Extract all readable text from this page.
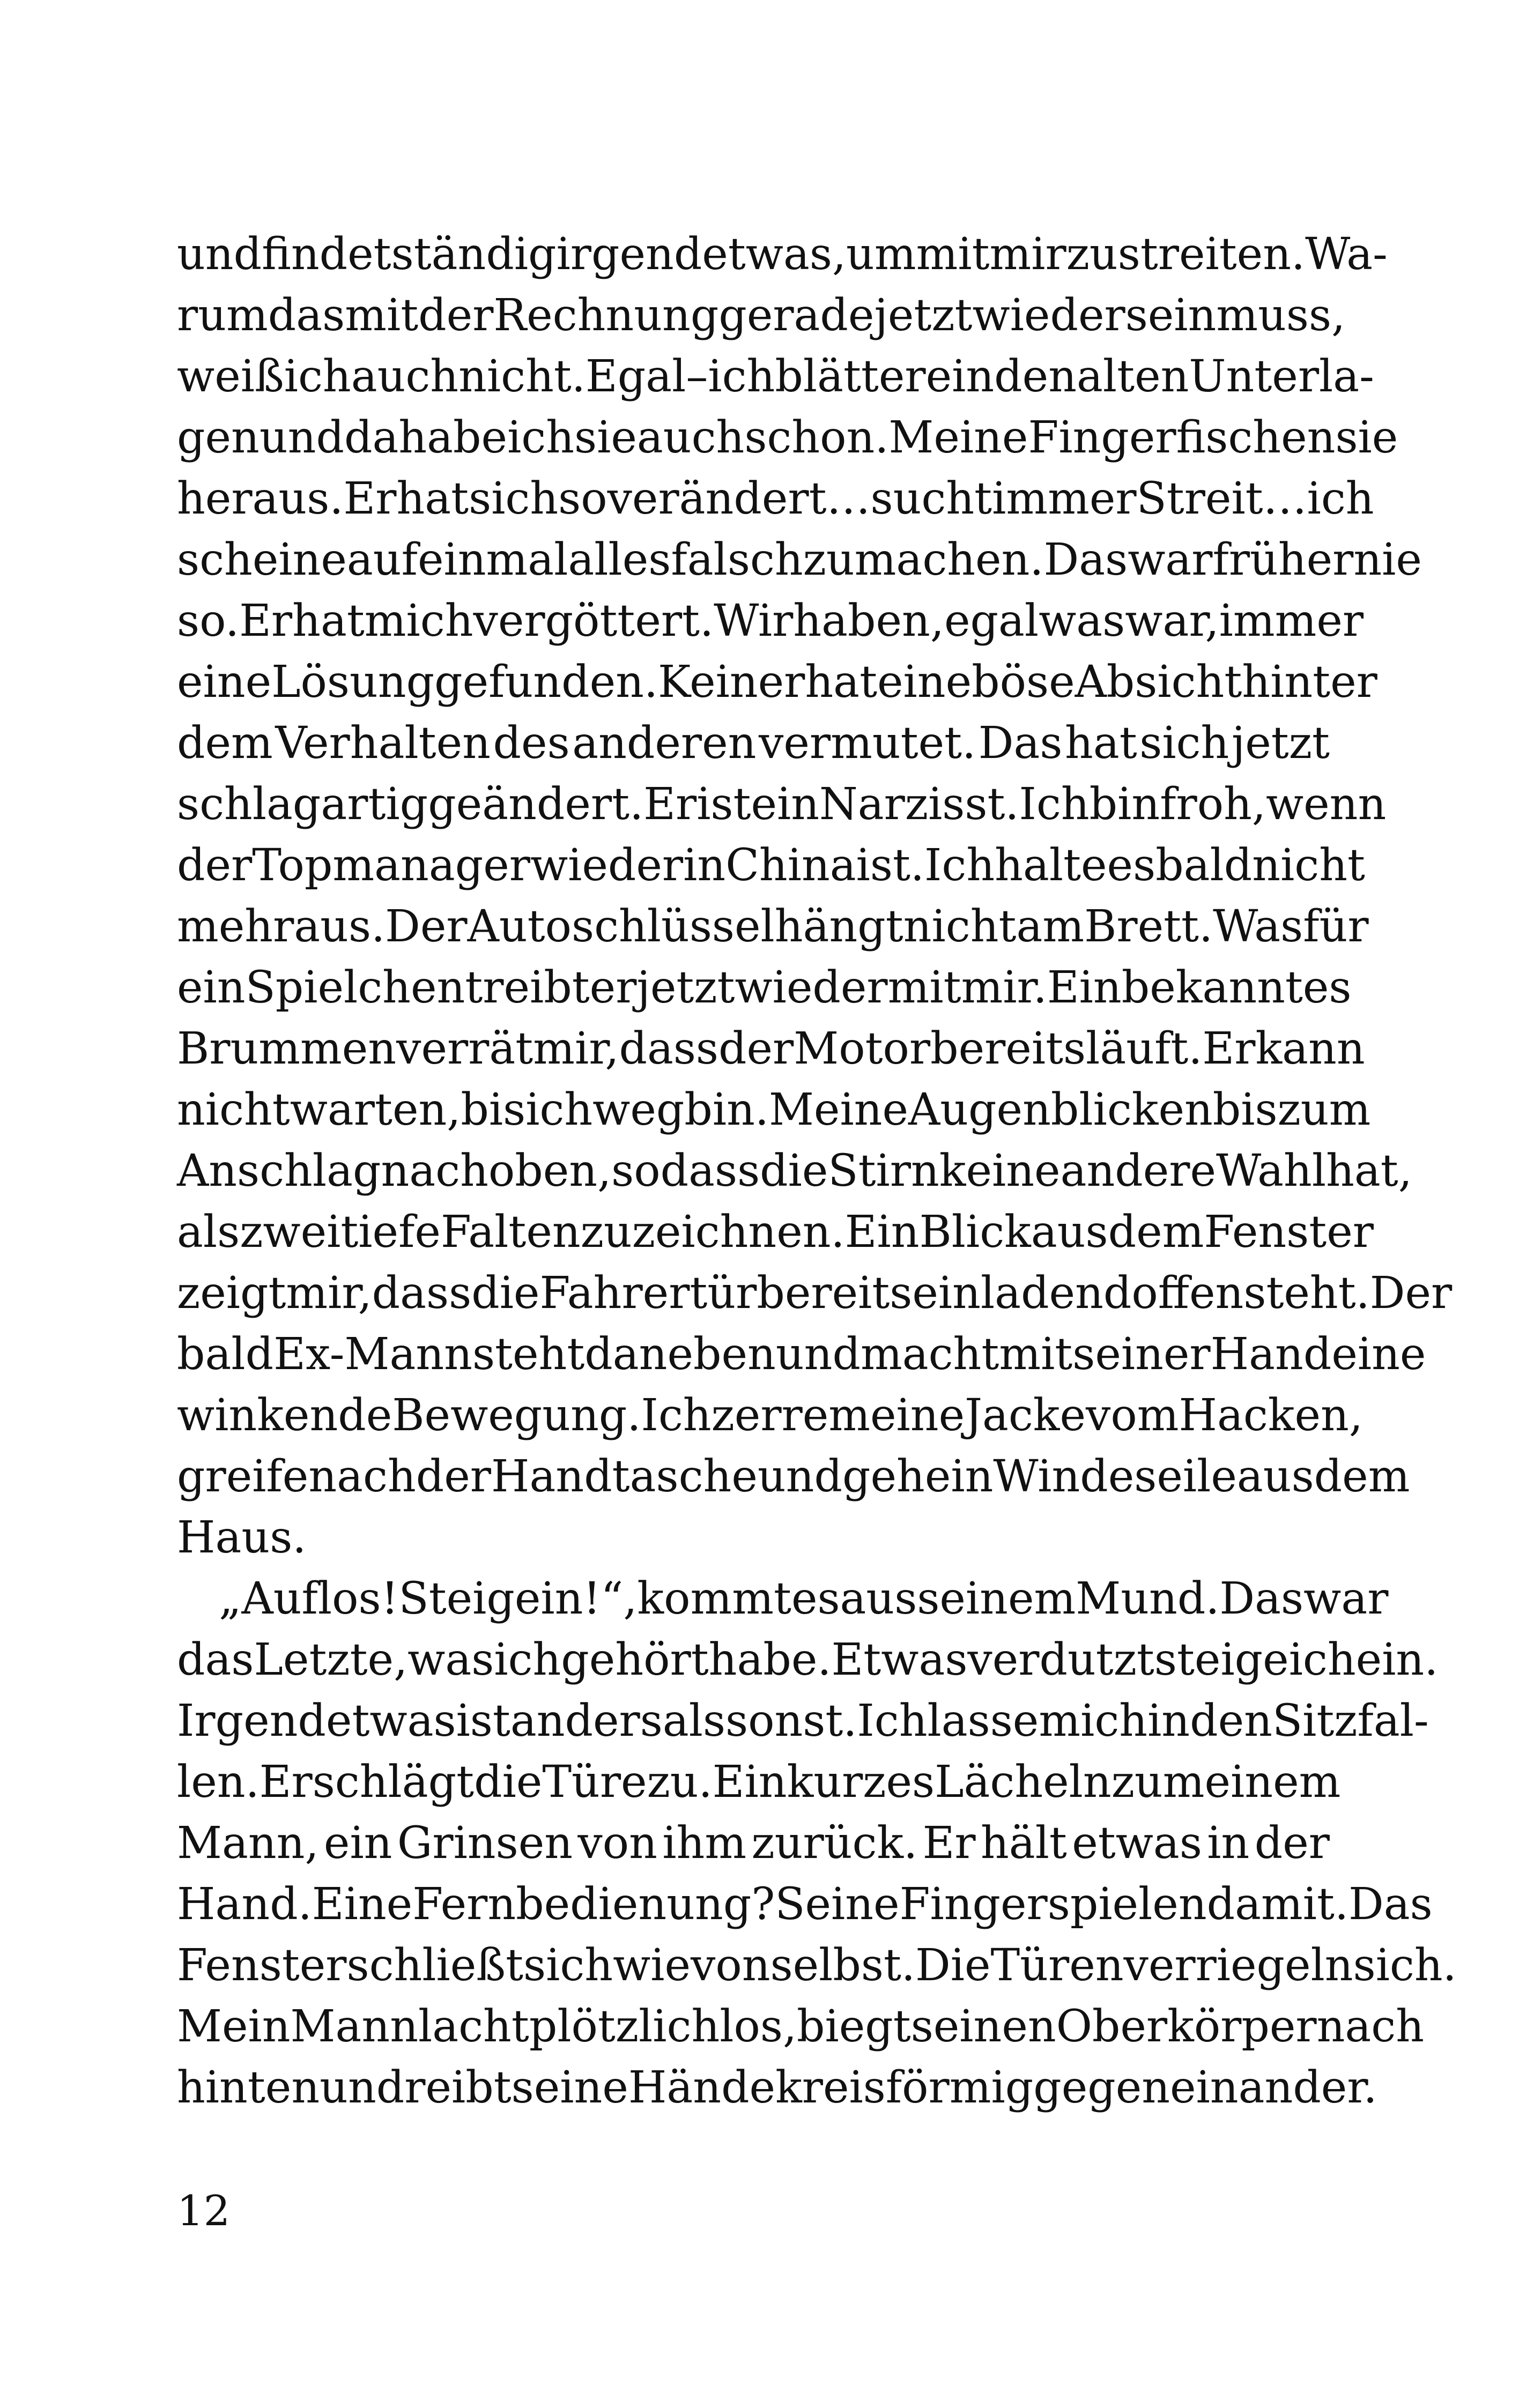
und findet ständig irgendetwas, um mit mir zu streiten. Wa-
rum das mit der Rechnung gerade jetzt wieder sein muss,
weiß ich auch nicht. Egal – ich blättere in den alten Unterla-
gen und da habe ich sie auch schon. Meine Finger fischen sie
heraus. Er hat sich so verändert … sucht immer Streit … ich
scheine auf einmal alles falsch zu machen. Das war früher nie
so. Er hat mich vergöttert. Wir haben, egal was war, immer
eine Lösung gefunden. Keiner hat eine böse Absicht hinter
dem Verhalten des anderen vermutet. Das hat sich jetzt
schlagartig geändert. Er ist ein Narzisst. Ich bin froh, wenn
der Topmanager wieder in China ist. Ich halte es bald nicht
mehr aus. Der Autoschlüssel hängt nicht am Brett. Was für
ein Spielchen treibt er jetzt wieder mit mir. Ein bekanntes
Brummen verrät mir, dass der Motor bereits läuft. Er kann
nicht warten, bis ich weg bin. Meine Augen blicken bis zum
Anschlag nach oben, sodass die Stirn keine andere Wahl hat,
als zwei tiefe Falten zu zeichnen. Ein Blick aus dem Fenster
zeigt mir, dass die Fahrertür bereits einladend offen steht. Der
bald Ex-Mann steht daneben und macht mit seiner Hand eine
winkende Bewegung. Ich zerre meine Jacke vom Hacken,
greife nach der Handtasche und gehe in Windeseile aus dem
Haus.
„Auf los! Steig ein!“, kommt es aus seinem Mund. Das war
das Letzte, was ich gehört habe. Etwas verdutzt steige ich ein.
Irgendetwas ist anders als sonst. Ich lasse mich in den Sitz fal-
len. Er schlägt die Türe zu. Ein kurzes Lächeln zu meinem
Mann, ein Grinsen von ihm zurück. Er hält etwas in der
Hand. Eine Fernbedienung? Seine Finger spielen damit. Das
Fenster schließt sich wie von selbst. Die Türen verriegeln sich.
Mein Mann lacht plötzlich los, biegt seinen Oberkörper nach
hinten und reibt seine Hände kreisförmig gegeneinander.
12
